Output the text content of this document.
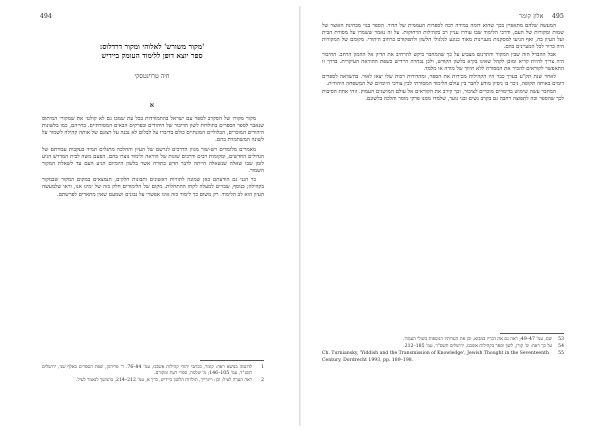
494
'מקור משורש' לאלוהי ומקור דרדלוס:
ספר יוצא דופן ללימוד העומק ביידיש
חיה טרוינטסקי
א

מקור מקורו של הסקרב לספר עם ישראל בהתמודדות בכל עת שמכו גם לא קולטי את שמקורי המיתוס שנאבר לספר הספרים בתולדות לשון הדיבור של היהודים ובפרקים הבאים המסורתיים. בחייהם, כמו בלשונות היהודים המוכרים, הבלוליים המונתיים כולם בדיברו על לבלום לא נבנה על רצונם של אותה קהילה לשמור על לשונה המשתמרת בהם.

מאמרים מלומדים ויש-שור מגוון הדרכים לגרשם של העיון וההלכה מתגלים תמיד בעקבות עבודתם של הגדולים החדשים, ומקומות רבים ודרכים שונות של הוראה ולימוד נוצרו בהם. הפעם משה לבית המדרש הגיע לזמן שבו שאלה שנשאלה הייתה לדבר חדש בתורה אשר בלשון היומיום הגיע העם עד לשאלת המקור השמור.

בר הנני גם הודעתם כאן שמונה לתוויות ראשונים ותבונות חלקים, הנמצאים במקום המקור שבמקור בקהילה; בנוסף, שבויים למעלה לקחו ההתחלות. מקום של הלימודים חלק כזה של ימינו אנו, וראו שלמעשה העיון הוא לב הלימוד. רק משום כך לימוד כזה אינו אפשרי על נבונים ושמעם שאין מתארים לפרשתם.

1
לדוגמה בנושא ראה: קומר, בכתבי יהודי קהילות אשכנז, עמ' 84–76. ר' פרידמן, שפת הספרים באלף שני, ירושלים תשנ"ד, עמ' 105–146; מ' שלמה, ספרי דעת ומקורם.
2
ראה הערה לעיל; וכן: ויינרייך, תולדות הלשון ביידיש, כרך א, עמ' 212–214, בהמשך לנאמר לעיל.
495    אלון קומר

המעשה שלהם מתאפיין בכך שהוא דומה במידה רבה לספרות העממית של הדור. הספר בנוי מבחינת האוצר של שמות ומקורות של העם, ודרכי הלימוד שבו עוררו עניין רב בקהילות הרחוקות. על זה נאמר ששמרו על מסורת הבית ועל העיון בה, ואף הגיעו למסקנות מעניינות מאוד בנוגע לגלגולי הלשון ולתפקודם ברחוב היהודי. מקומם של המקורות היה ברור לכל המעיינים בהם.

אבל ההבדל הזה שבין המקור והתרגום מצביע על כך שהמחבר ביקש להרחיב את הדיון אל ההמון הרחב. החיבור היה צריך להיות קריא ומובן לקהל שאינו בקיא בלשון הקודש, ולכן נבחרה היידיש כשפת ההוראה העיקרית. בדרך זו התאפשר לקוראים להכיר את המסורת ללא תיווך של מורה או מלמד.

לאחר שנת תק"ע בערך כבר היו הקהילות מכירות את הספר, ומהדורות רבות שלו יצאו לאור. בהשוואה לספרים דומים באותה תקופה, ניכר בו ניסיון מודע לחבר בין עולם הלימוד המסורתי לבין צורכי היומיום של המשפחה היהודית.

המחבר עשה שימוש בדימויים מוכרים לציבור, וכך קירב את הקוראים אל עולם המושגים העמוק. זוהי אחת הסיבות לכך שהספר זכה לתפוצה רחבה גם בקרב נשים ובני נוער, שלמדו ממנו פרקי מוסר והלכה בלשונם.

53
שם, עמ' 47–49; ראה גם את דבריו במבוא, וכן את הערותיו הנוספות בשולי העמוד.
54
על כך ראה: ש' קורן, לשון וספר בקהילות אשכנז, ירושלים תשס"ד, עמ' 185–212.
55
Ch. Turniansky, 'Yiddish and the Transmission of Knowledge', Jewish Thought in the Seventeenth Century, Dordrecht 1993, pp. 189–198.
